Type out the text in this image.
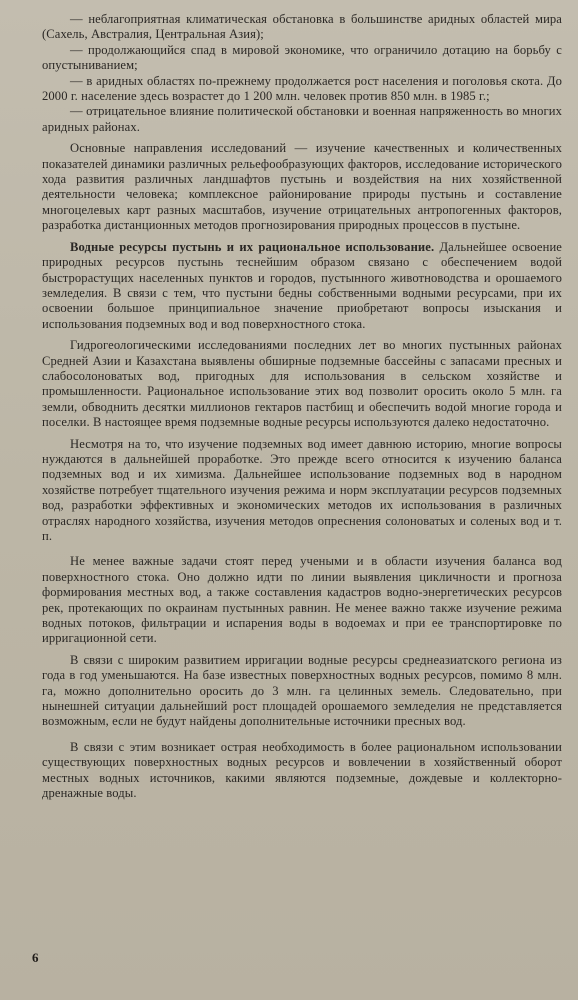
— неблагоприятная климатическая обстановка в большинстве аридных областей мира (Сахель, Австралия, Центральная Азия);

— продолжающийся спад в мировой экономике, что ограничило дотацию на борьбу с опустыниванием;

— в аридных областях по-прежнему продолжается рост населения и поголовья скота. До 2000 г. население здесь возрастет до 1 200 млн. человек против 850 млн. в 1985 г.;

— отрицательное влияние политической обстановки и военная напряженность во многих аридных районах.

Основные направления исследований — изучение качественных и количественных показателей динамики различных рельефообразующих факторов, исследование исторического хода развития различных ландшафтов пустынь и воздействия на них хозяйственной деятельности человека; комплексное районирование природы пустынь и составление многоцелевых карт разных масштабов, изучение отрицательных антропогенных факторов, разработка дистанционных методов прогнозирования природных процессов в пустыне.

Водные ресурсы пустынь и их рациональное использование. Дальнейшее освоение природных ресурсов пустынь теснейшим образом связано с обеспечением водой быстрорастущих населенных пунктов и городов, пустынного животноводства и орошаемого земледелия. В связи с тем, что пустыни бедны собственными водными ресурсами, при их освоении большое принципиальное значение приобретают вопросы изыскания и использования подземных вод и вод поверхностного стока.

Гидрогеологическими исследованиями последних лет во многих пустынных районах Средней Азии и Казахстана выявлены обширные подземные бассейны с запасами пресных и слабосолоноватых вод, пригодных для использования в сельском хозяйстве и промышленности. Рациональное использование этих вод позволит оросить около 5 млн. га земли, обводнить десятки миллионов гектаров пастбищ и обеспечить водой многие города и поселки. В настоящее время подземные водные ресурсы используются далеко недостаточно.

Несмотря на то, что изучение подземных вод имеет давнюю историю, многие вопросы нуждаются в дальнейшей проработке. Это прежде всего относится к изучению баланса подземных вод и их химизма. Дальнейшее использование подземных вод в народном хозяйстве потребует тщательного изучения режима и норм эксплуатации ресурсов подземных вод, разработки эффективных и экономических методов их использования в различных отраслях народного хозяйства, изучения методов опреснения солоноватых и соленых вод и т. п.

Не менее важные задачи стоят перед учеными и в области изучения баланса вод поверхностного стока. Оно должно идти по линии выявления цикличности и прогноза формирования местных вод, а также составления кадастров водно-энергетических ресурсов рек, протекающих по окраинам пустынных равнин. Не менее важно также изучение режима водных потоков, фильтрации и испарения воды в водоемах и при ее транспортировке по ирригационной сети.

В связи с широким развитием ирригации водные ресурсы среднеазиатского региона из года в год уменьшаются. На базе известных поверхностных водных ресурсов, помимо 8 млн. га, можно дополнительно оросить до 3 млн. га целинных земель. Следовательно, при нынешней ситуации дальнейший рост площадей орошаемого земледелия не представляется возможным, если не будут найдены дополнительные источники пресных вод.

В связи с этим возникает острая необходимость в более рациональном использовании существующих поверхностных водных ресурсов и вовлечении в хозяйственный оборот местных водных источников, какими являются подземные, дождевые и коллекторно-дренажные воды.

6
